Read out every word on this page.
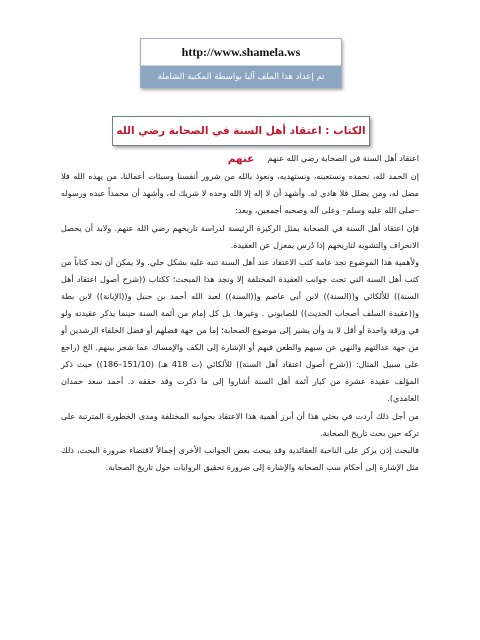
http://www.shamela.ws
تم إعداد هذا الملف آليا بواسطة المكتبة الشاملة
الكتاب : اعتقاد أهل السنة في الصحابة رضي الله عنهم	اعتقاد أهل السنة في الصحابة رضي الله عنهم

إن الحمد لله، نحمده ونستعينه، ونستهديه، ونعوذ بالله من شرور أنفسنا وسيئات أعمالنا، من يهده الله فلا مضل له، ومن يضلل فلا هادي له. وأشهد أن لا إله إلا الله وحده لا شريك له، وأشهد أن محمداً عبده ورسوله –صلى الله عليه وسلم– وعلى آله وصحبه أجمعين، وبعد:

فإن اعتقاد أهل السنة في الصحابة يمثل الركيزة الرئيسة لدراسة تاريخهم رضي الله عنهم. ولابد أن يحصل الانحراف والتشويه لتاريخهم إذا دُرس بمعزل عن العقيدة.

ولأهمية هذا الموضوع نجد عامة كتب الاعتقاد عند أهل السنة تنبه عليه بشكل جلي. ولا يمكن أن نجد كتاباً من كتب أهل السنة التي تحث جوانب العقيدة المختلفة إلا ونجد هذا المبحث؛ ككتاب ((شرح أصول اعتقاد أهل السنة)) للألكائي و((السنة)) لابن أبي عاصم و((السنة)) لعبد الله أحمد بن حنبل و((الإبانة)) لابن بطة و((عقيدة السلف أصحاب الحديث)) للصابوني . وغيرها. بل كل إمام من أئمة السنة حينما يذكر عقيدته ولو في ورقة واحدة أو أقل لا بد وأن يشير إلى موضوع الصحابة؛ إما من جهة فضلهم أو فضل الخلفاء الرشدين أو من جهة عدالتهم والنهي عن سبهم والطعن فيهم أو الإشارة إلى الكف والإمساك عما شجر بينهم. الخ (راجع على سبيل المثال: ((شرح أصول اعتقاد أهل السنة)) للألكائي (ت 418 هـ) (151/10–186)) حيث ذكر المؤلف عقيدة عشرة من كبار أئمة أهل السنة أشاروا إلى ما ذكرت وقد حققه د. أحمد سعد حمدان الغامدي).

من أجل ذلك أردت في بحثي هذا أن أبرز أهمية هذا الاعتقاد بجوانبه المختلفة ومدى الخطورة المترتبة على تركه حين بحث تاريخ الصحابة.

فالبحث إذن يركز على الناحية العقائدية وقد يبحث بعض الجوانب الأخرى إجمالاً لاقتضاء ضرورة البحث، ذلك مثل الإشارة إلى أحكام سب الصحابة والإشارة إلى ضرورة تحقيق الروايات حول تاريخ الصحابة.
